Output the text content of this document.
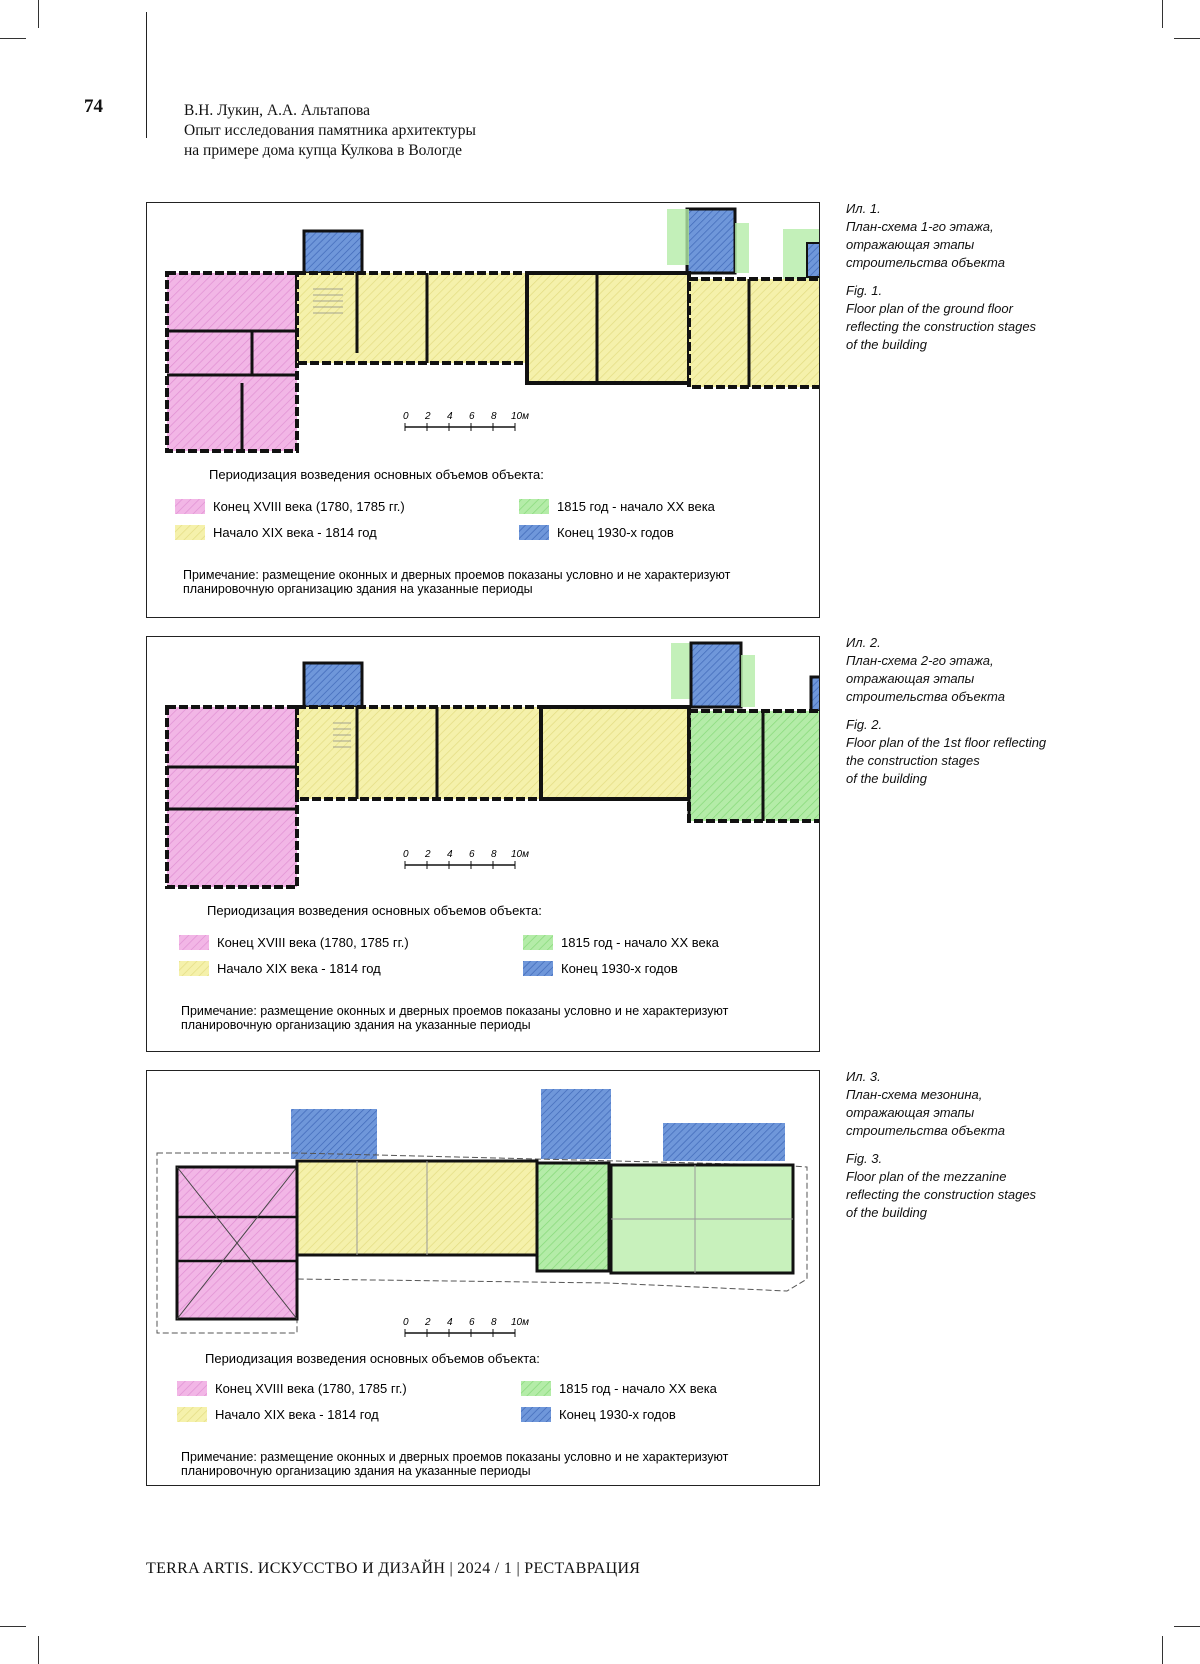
74	В.Н. Лукин, А.А. Альтапова
Опыт исследования памятника архитектуры
на примере дома купца Кулкова в Вологде
0 2 4 6 8 10м
Периодизация возведения основных объемов объекта:
Конец XVIII века (1780, 1785 гг.)
Начало XIX века - 1814 год
1815 год - начало XX века
Конец 1930-х годов
Примечание: размещение оконных и дверных проемов показаны условно и не характеризуют
планировочную организацию здания на указанные периоды
Ил. 1.
План-схема 1-го этажа,
отражающая этапы
строительства объекта
Fig. 1.
Floor plan of the ground floor
reflecting the construction stages
of the building
0 2 4 6 8 10м
Периодизация возведения основных объемов объекта:
Конец XVIII века (1780, 1785 гг.)
Начало XIX века - 1814 год
1815 год - начало XX века
Конец 1930-х годов
Примечание: размещение оконных и дверных проемов показаны условно и не характеризуют
планировочную организацию здания на указанные периоды
Ил. 2.
План-схема 2-го этажа,
отражающая этапы
строительства объекта
Fig. 2.
Floor plan of the 1st floor reflecting
the construction stages
of the building
0 2 4 6 8 10м
Периодизация возведения основных объемов объекта:
Конец XVIII века (1780, 1785 гг.)
Начало XIX века - 1814 год
1815 год - начало XX века
Конец 1930-х годов
Примечание: размещение оконных и дверных проемов показаны условно и не характеризуют
планировочную организацию здания на указанные периоды
Ил. 3.
План-схема мезонина,
отражающая этапы
строительства объекта
Fig. 3.
Floor plan of the mezzanine
reflecting the construction stages
of the building
TERRA ARTIS. ИСКУССТВО И ДИЗАЙН | 2024 / 1 | РЕСТАВРАЦИЯ
